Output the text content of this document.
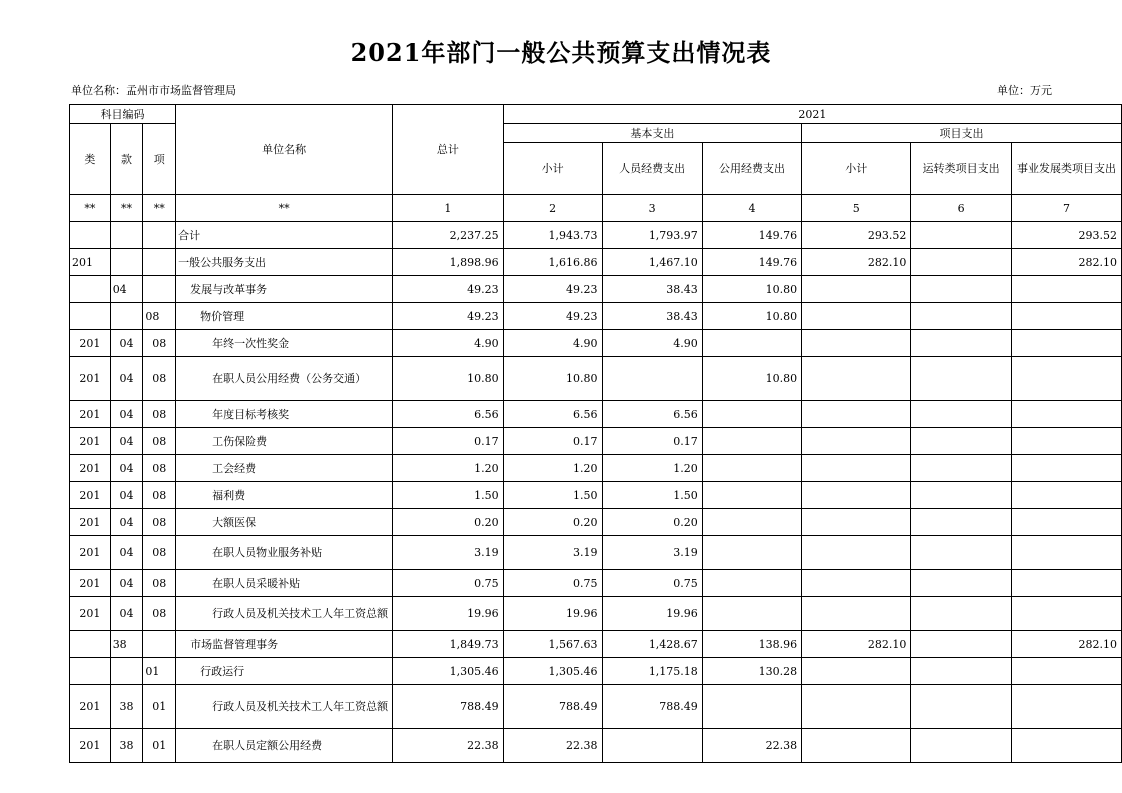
2021年部门一般公共预算支出情况表
单位名称：孟州市市场监督管理局	单位：万元
科目编码			单位名称	总计	2021					
类	款	项			基本支出			项目支出		
					小计	人员经费支出	公用经费支出	小计	运转类项目支出	事业发展类项目支出
**	**	**	**	1	2	3	4	5	6	7
			合计	2,237.25	1,943.73	1,793.97	149.76	293.52		293.52
201			一般公共服务支出	1,898.96	1,616.86	1,467.10	149.76	282.10		282.10
	04		发展与改革事务	49.23	49.23	38.43	10.80			
		08	物价管理	49.23	49.23	38.43	10.80			
201	04	08	年终一次性奖金	4.90	4.90	4.90				
201	04	08	在职人员公用经费（公务交通）	10.80	10.80		10.80			
201	04	08	年度目标考核奖	6.56	6.56	6.56				
201	04	08	工伤保险费	0.17	0.17	0.17				
201	04	08	工会经费	1.20	1.20	1.20				
201	04	08	福利费	1.50	1.50	1.50				
201	04	08	大额医保	0.20	0.20	0.20				
201	04	08	在职人员物业服务补贴	3.19	3.19	3.19				
201	04	08	在职人员采暖补贴	0.75	0.75	0.75				
201	04	08	行政人员及机关技术工人年工资总额	19.96	19.96	19.96				
	38		市场监督管理事务	1,849.73	1,567.63	1,428.67	138.96	282.10		282.10
		01	行政运行	1,305.46	1,305.46	1,175.18	130.28			
201	38	01	行政人员及机关技术工人年工资总额	788.49	788.49	788.49				
201	38	01	在职人员定额公用经费	22.38	22.38		22.38			
